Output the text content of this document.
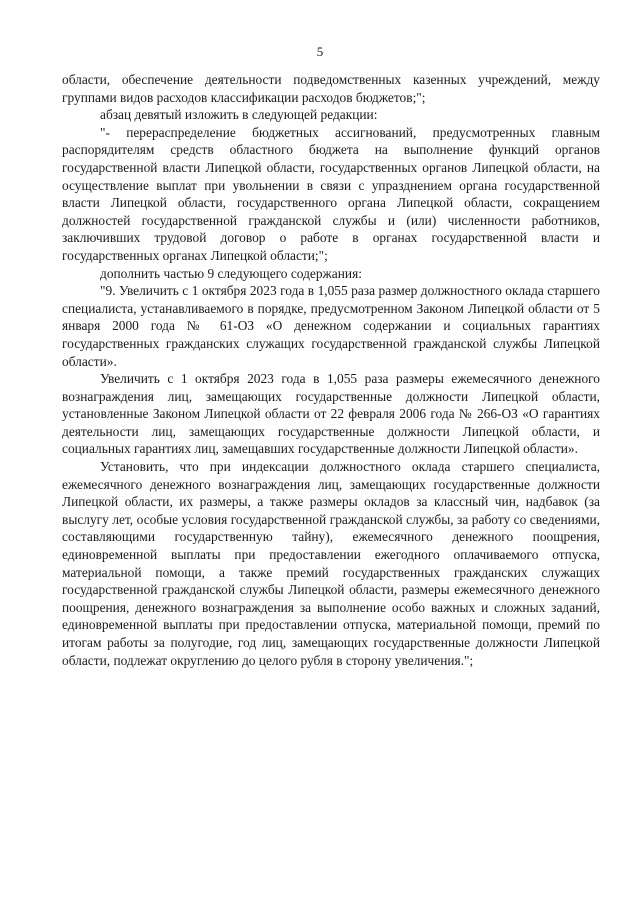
5

области, обеспечение деятельности подведомственных казенных учреждений, между группами видов расходов классификации расходов бюджетов;";

абзац девятый изложить в следующей редакции:

"- перераспределение бюджетных ассигнований, предусмотренных главным распорядителям средств областного бюджета на выполнение функций органов государственной власти Липецкой области, государственных органов Липецкой области, на осуществление выплат при увольнении в связи с упразднением органа государственной власти Липецкой области, государственного органа Липецкой области, сокращением должностей государственной гражданской службы и (или) численности работников, заключивших трудовой договор о работе в органах государственной власти и государственных органах Липецкой области;";

дополнить частью 9 следующего содержания:

"9. Увеличить с 1 октября 2023 года в 1,055 раза размер должностного оклада старшего специалиста, устанавливаемого в порядке, предусмотренном Законом Липецкой области от 5 января 2000 года № 61-ОЗ «О денежном содержании и социальных гарантиях государственных гражданских служащих государственной гражданской службы Липецкой области».

Увеличить с 1 октября 2023 года в 1,055 раза размеры ежемесячного денежного вознаграждения лиц, замещающих государственные должности Липецкой области, установленные Законом Липецкой области от 22 февраля 2006 года № 266-ОЗ «О гарантиях деятельности лиц, замещающих государственные должности Липецкой области, и социальных гарантиях лиц, замещавших государственные должности Липецкой области».

Установить, что при индексации должностного оклада старшего специалиста, ежемесячного денежного вознаграждения лиц, замещающих государственные должности Липецкой области, их размеры, а также размеры окладов за классный чин, надбавок (за выслугу лет, особые условия государственной гражданской службы, за работу со сведениями, составляющими государственную тайну), ежемесячного денежного поощрения, единовременной выплаты при предоставлении ежегодного оплачиваемого отпуска, материальной помощи, а также премий государственных гражданских служащих государственной гражданской службы Липецкой области, размеры ежемесячного денежного поощрения, денежного вознаграждения за выполнение особо важных и сложных заданий, единовременной выплаты при предоставлении отпуска, материальной помощи, премий по итогам работы за полугодие, год лиц, замещающих государственные должности Липецкой области, подлежат округлению до целого рубля в сторону увеличения.";
